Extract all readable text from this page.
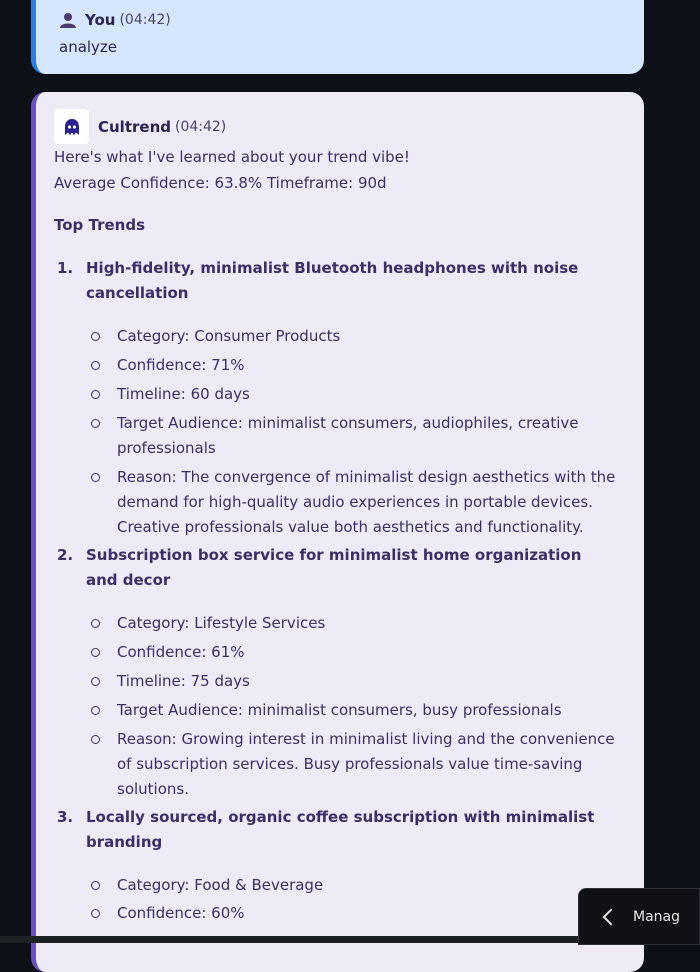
You (04:42)
analyze
Cultrend (04:42)
Here's what I've learned about your trend vibe!
Average Confidence: 63.8% Timeframe: 90d
Top Trends
1. High-fidelity, minimalist Bluetooth headphones with noise cancellation
Category: Consumer Products
Confidence: 71%
Timeline: 60 days
Target Audience: minimalist consumers, audiophiles, creative professionals
Reason: The convergence of minimalist design aesthetics with the demand for high-quality audio experiences in portable devices. Creative professionals value both aesthetics and functionality.
2. Subscription box service for minimalist home organization and decor
Category: Lifestyle Services
Confidence: 61%
Timeline: 75 days
Target Audience: minimalist consumers, busy professionals
Reason: Growing interest in minimalist living and the convenience of subscription services. Busy professionals value time-saving solutions.
3. Locally sourced, organic coffee subscription with minimalist branding
Category: Food & Beverage
Confidence: 60%	Manag
